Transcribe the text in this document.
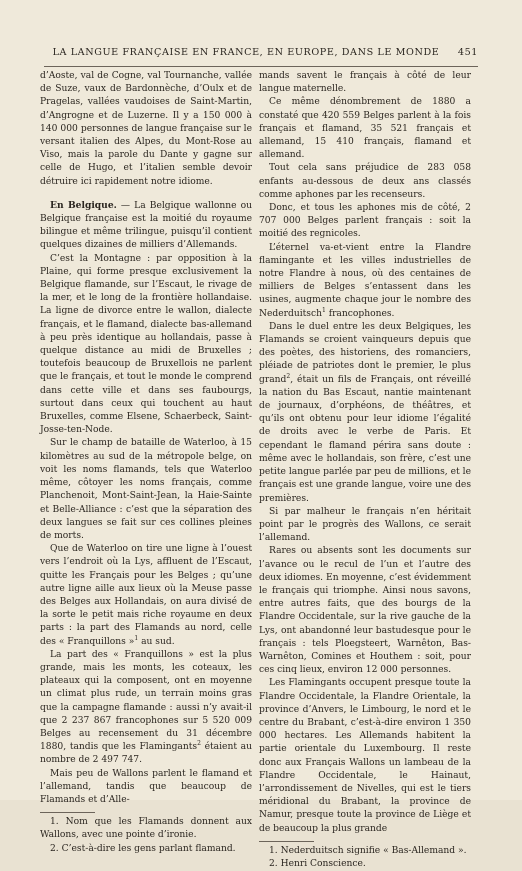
LA LANGUE FRANÇAISE EN FRANCE, EN EUROPE, DANS LE MONDE	451

d’Aoste, val de Cogne, val Tournanche, vallée de Suze, vaux de Bardonnèche, d’Oulx et de Pragelas, vallées vaudoises de Saint-Martin, d’Angrogne et de Luzerne. Il y a 150 000 à 140 000 personnes de langue française sur le versant italien des Alpes, du Mont-Rose au Viso, mais la parole du Dante y gagne sur celle de Hugo, et l’italien semble devoir détruire ici rapidement notre idiome.

En Belgique. — La Belgique wallonne ou Belgique française est la moitié du royaume bilingue et même trilingue, puisqu’il contient quelques dizaines de milliers d’Allemands.

C’est la Montagne : par opposition à la Plaine, qui forme presque exclusivement la Belgique flamande, sur l’Escaut, le rivage de la mer, et le long de la frontière hollandaise. La ligne de divorce entre le wallon, dialecte français, et le flamand, dialecte bas-allemand à peu près identique au hollandais, passe à quelque distance au midi de Bruxelles ; toutefois beaucoup de Bruxellois ne parlent que le français, et tout le monde le comprend dans cette ville et dans ses faubourgs, surtout dans ceux qui touchent au haut Bruxelles, comme Elsene, Schaerbeck, Saint-Josse-ten-Node.

Sur le champ de bataille de Waterloo, à 15 kilomètres au sud de la métropole belge, on voit les noms flamands, tels que Waterloo même, côtoyer les noms français, comme Planchenoit, Mont-Saint-Jean, la Haie-Sainte et Belle-Alliance : c’est que la séparation des deux langues se fait sur ces collines pleines de morts.

Que de Waterloo on tire une ligne à l’ouest vers l’endroit où la Lys, affluent de l’Escaut, quitte les Français pour les Belges ; qu’une autre ligne aille aux lieux où la Meuse passe des Belges aux Hollandais, on aura divisé de la sorte le petit mais riche royaume en deux parts : la part des Flamands au nord, celle des « Franquillons »$^1$ au sud.

La part des « Franquillons » est la plus grande, mais les monts, les coteaux, les plateaux qui la composent, ont en moyenne un climat plus rude, un terrain moins gras que la campagne flamande : aussi n’y avait-il que 2 237 867 francophones sur 5 520 009 Belges au recensement du 31 décembre 1880, tandis que les Flamingants$^2$ étaient au nombre de 2 497 747.

Mais peu de Wallons parlent le flamand et l’allemand, tandis que beaucoup de Flamands et d’Alle-

1. Nom que les Flamands donnent aux Wallons, avec une pointe d’ironie.

2. C’est-à-dire les gens parlant flamand.

mands savent le français à côté de leur langue maternelle.

Ce même dénombrement de 1880 a constaté que 420 559 Belges parlent à la fois français et flamand, 35 521 français et allemand, 15 410 français, flamand et allemand.

Tout cela sans préjudice de 283 058 enfants au-dessous de deux ans classés comme aphones par les recenseurs.

Donc, et tous les aphones mis de côté, 2 707 000 Belges parlent français : soit la moitié des regnicoles.

L’éternel va-et-vient entre la Flandre flamingante et les villes industrielles de notre Flandre à nous, où des centaines de milliers de Belges s’entassent dans les usines, augmente chaque jour le nombre des Nederduitsch$^1$ francophones.

Dans le duel entre les deux Belgiques, les Flamands se croient vainqueurs depuis que des poètes, des historiens, des romanciers, pléiade de patriotes dont le premier, le plus grand$^2$, était un fils de Français, ont réveillé la nation du Bas Escaut, nantie maintenant de journaux, d’orphéons, de théâtres, et qu’ils ont obtenu pour leur idiome l’égalité de droits avec le verbe de Paris. Et cependant le flamand périra sans doute : même avec le hollandais, son frère, c’est une petite langue parlée par peu de millions, et le français est une grande langue, voire une des premières.

Si par malheur le français n’en héritait point par le progrès des Wallons, ce serait l’allemand.

Rares ou absents sont les documents sur l’avance ou le recul de l’un et l’autre des deux idiomes. En moyenne, c’est évidemment le français qui triomphe. Ainsi nous savons, entre autres faits, que des bourgs de la Flandre Occidentale, sur la rive gauche de la Lys, ont abandonné leur bastudesque pour le français : tels Ploegsteert, Warnêton, Bas-Warnêton, Comines et Houthem : soit, pour ces cinq lieux, environ 12 000 personnes.

Les Flamingants occupent presque toute la Flandre Occidentale, la Flandre Orientale, la province d’Anvers, le Limbourg, le nord et le centre du Brabant, c’est-à-dire environ 1 350 000 hectares. Les Allemands habitent la partie orientale du Luxembourg. Il reste donc aux Français Wallons un lambeau de la Flandre Occidentale, le Hainaut, l’arrondissement de Nivelles, qui est le tiers méridional du Brabant, la province de Namur, presque toute la province de Liège et de beaucoup la plus grande

1. Nederduitsch signifie « Bas-Allemand ».

2. Henri Conscience.
